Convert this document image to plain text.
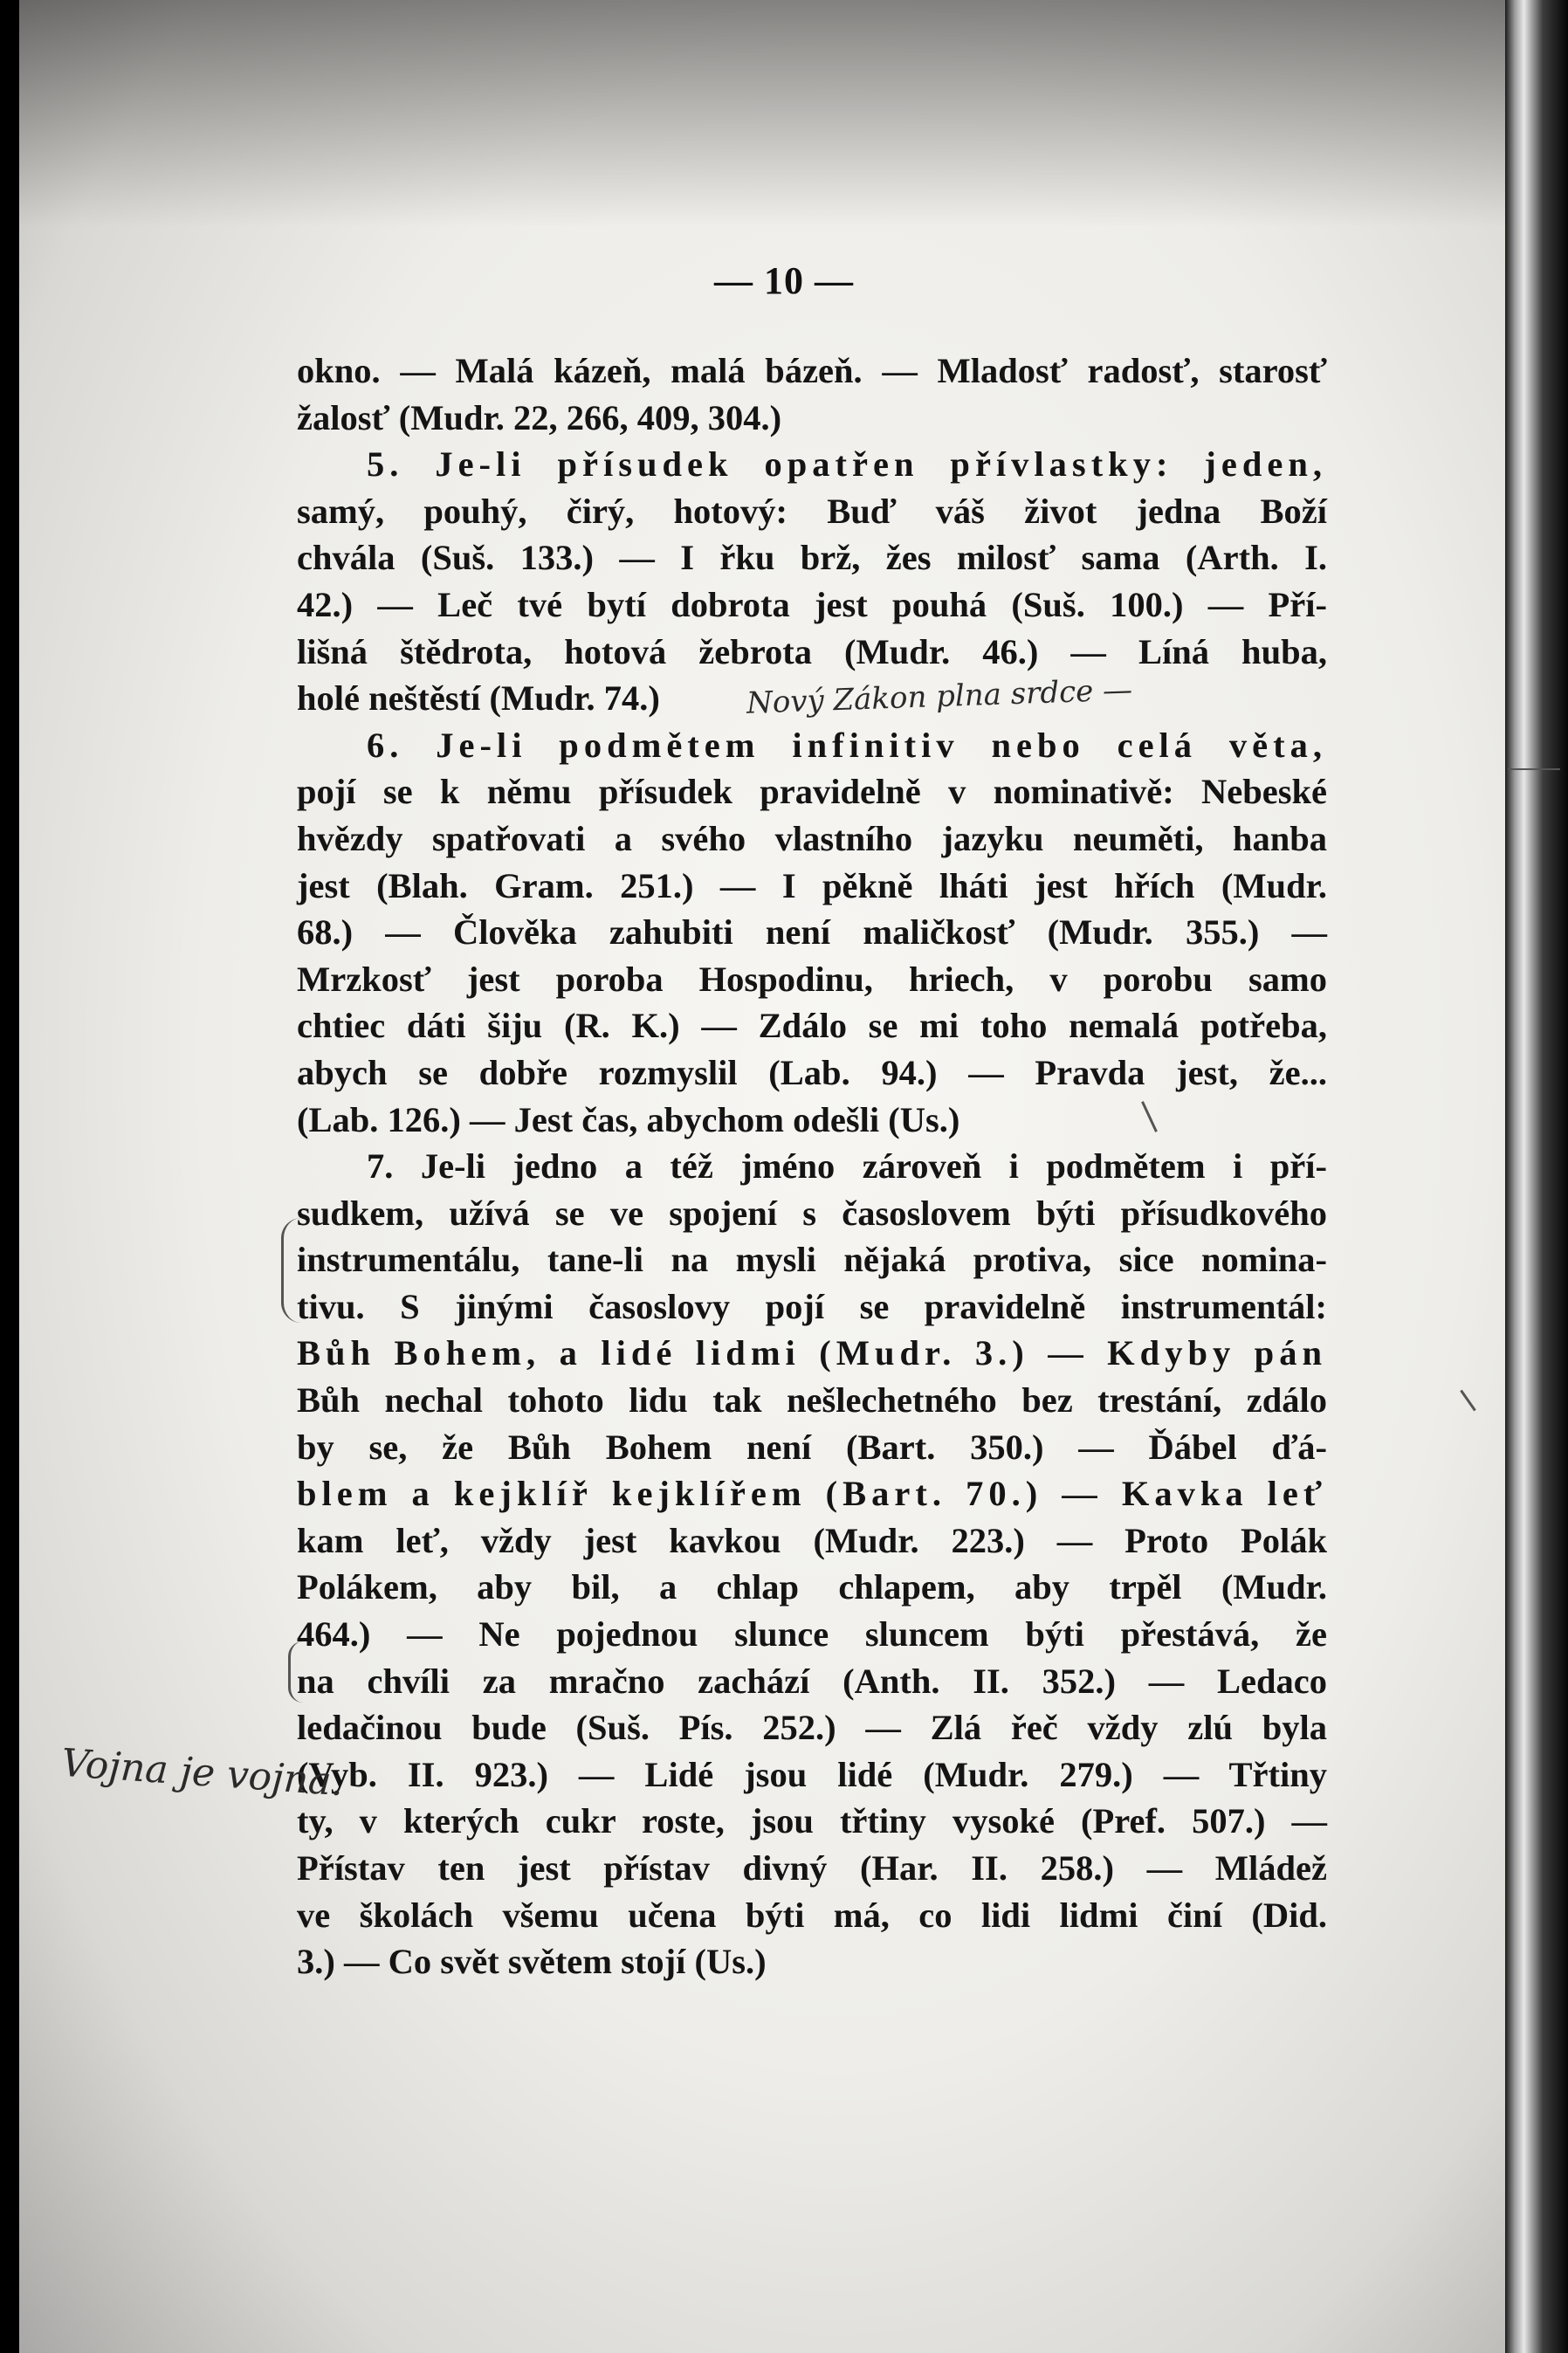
— 10 —
okno. — Malá kázeň, malá bázeň. — Mladosť radosť, starosť
žalosť (Mudr. 22, 266, 409, 304.)
5. Je-li přísudek opatřen přívlastky: jeden,
samý, pouhý, čirý, hotový: Buď váš život jedna Boží
chvála (Suš. 133.) — I řku brž, žes milosť sama (Arth. I.
42.) — Leč tvé bytí dobrota jest pouhá (Suš. 100.) — Pří-
lišná štědrota, hotová žebrota (Mudr. 46.) — Líná huba,
holé neštěstí (Mudr. 74.)
6. Je-li podmětem infinitiv nebo celá věta,
pojí se k němu přísudek pravidelně v nominativě: Nebeské
hvězdy spatřovati a svého vlastního jazyku neuměti, hanba
jest (Blah. Gram. 251.) — I pěkně lháti jest hřích (Mudr.
68.) — Člověka zahubiti není maličkosť (Mudr. 355.) —
Mrzkosť jest poroba Hospodinu, hriech, v porobu samo
chtiec dáti šiju (R. K.) — Zdálo se mi toho nemalá potřeba,
abych se dobře rozmyslil (Lab. 94.) — Pravda jest, že...
(Lab. 126.) — Jest čas, abychom odešli (Us.)
7. Je-li jedno a též jméno zároveň i podmětem i pří-
sudkem, užívá se ve spojení s časoslovem býti přísudkového
instrumentálu, tane-li na mysli nějaká protiva, sice nomina-
tivu. S jinými časoslovy pojí se pravidelně instrumentál:
Bůh Bohem, a lidé lidmi (Mudr. 3.) — Kdyby pán
Bůh nechal tohoto lidu tak nešlechetného bez trestání, zdálo
by se, že Bůh Bohem není (Bart. 350.) — Ďábel ďá-
blem a kejklíř kejklířem (Bart. 70.) — Kavka leť
kam leť, vždy jest kavkou (Mudr. 223.) — Proto Polák
Polákem, aby bil, a chlap chlapem, aby trpěl (Mudr.
464.) — Ne pojednou slunce sluncem býti přestává, že
na chvíli za mračno zachází (Anth. II. 352.) — Ledaco
ledačinou bude (Suš. Pís. 252.) — Zlá řeč vždy zlú byla
(Vyb. II. 923.) — Lidé jsou lidé (Mudr. 279.) — Třtiny
ty, v kterých cukr roste, jsou třtiny vysoké (Pref. 507.) —
Přístav ten jest přístav divný (Har. II. 258.) — Mládež
ve školách všemu učena býti má, co lidi lidmi činí (Did.
3.) — Co svět světem stojí (Us.)
Nový Zákon plna srdce —
Vojna je vojna.
